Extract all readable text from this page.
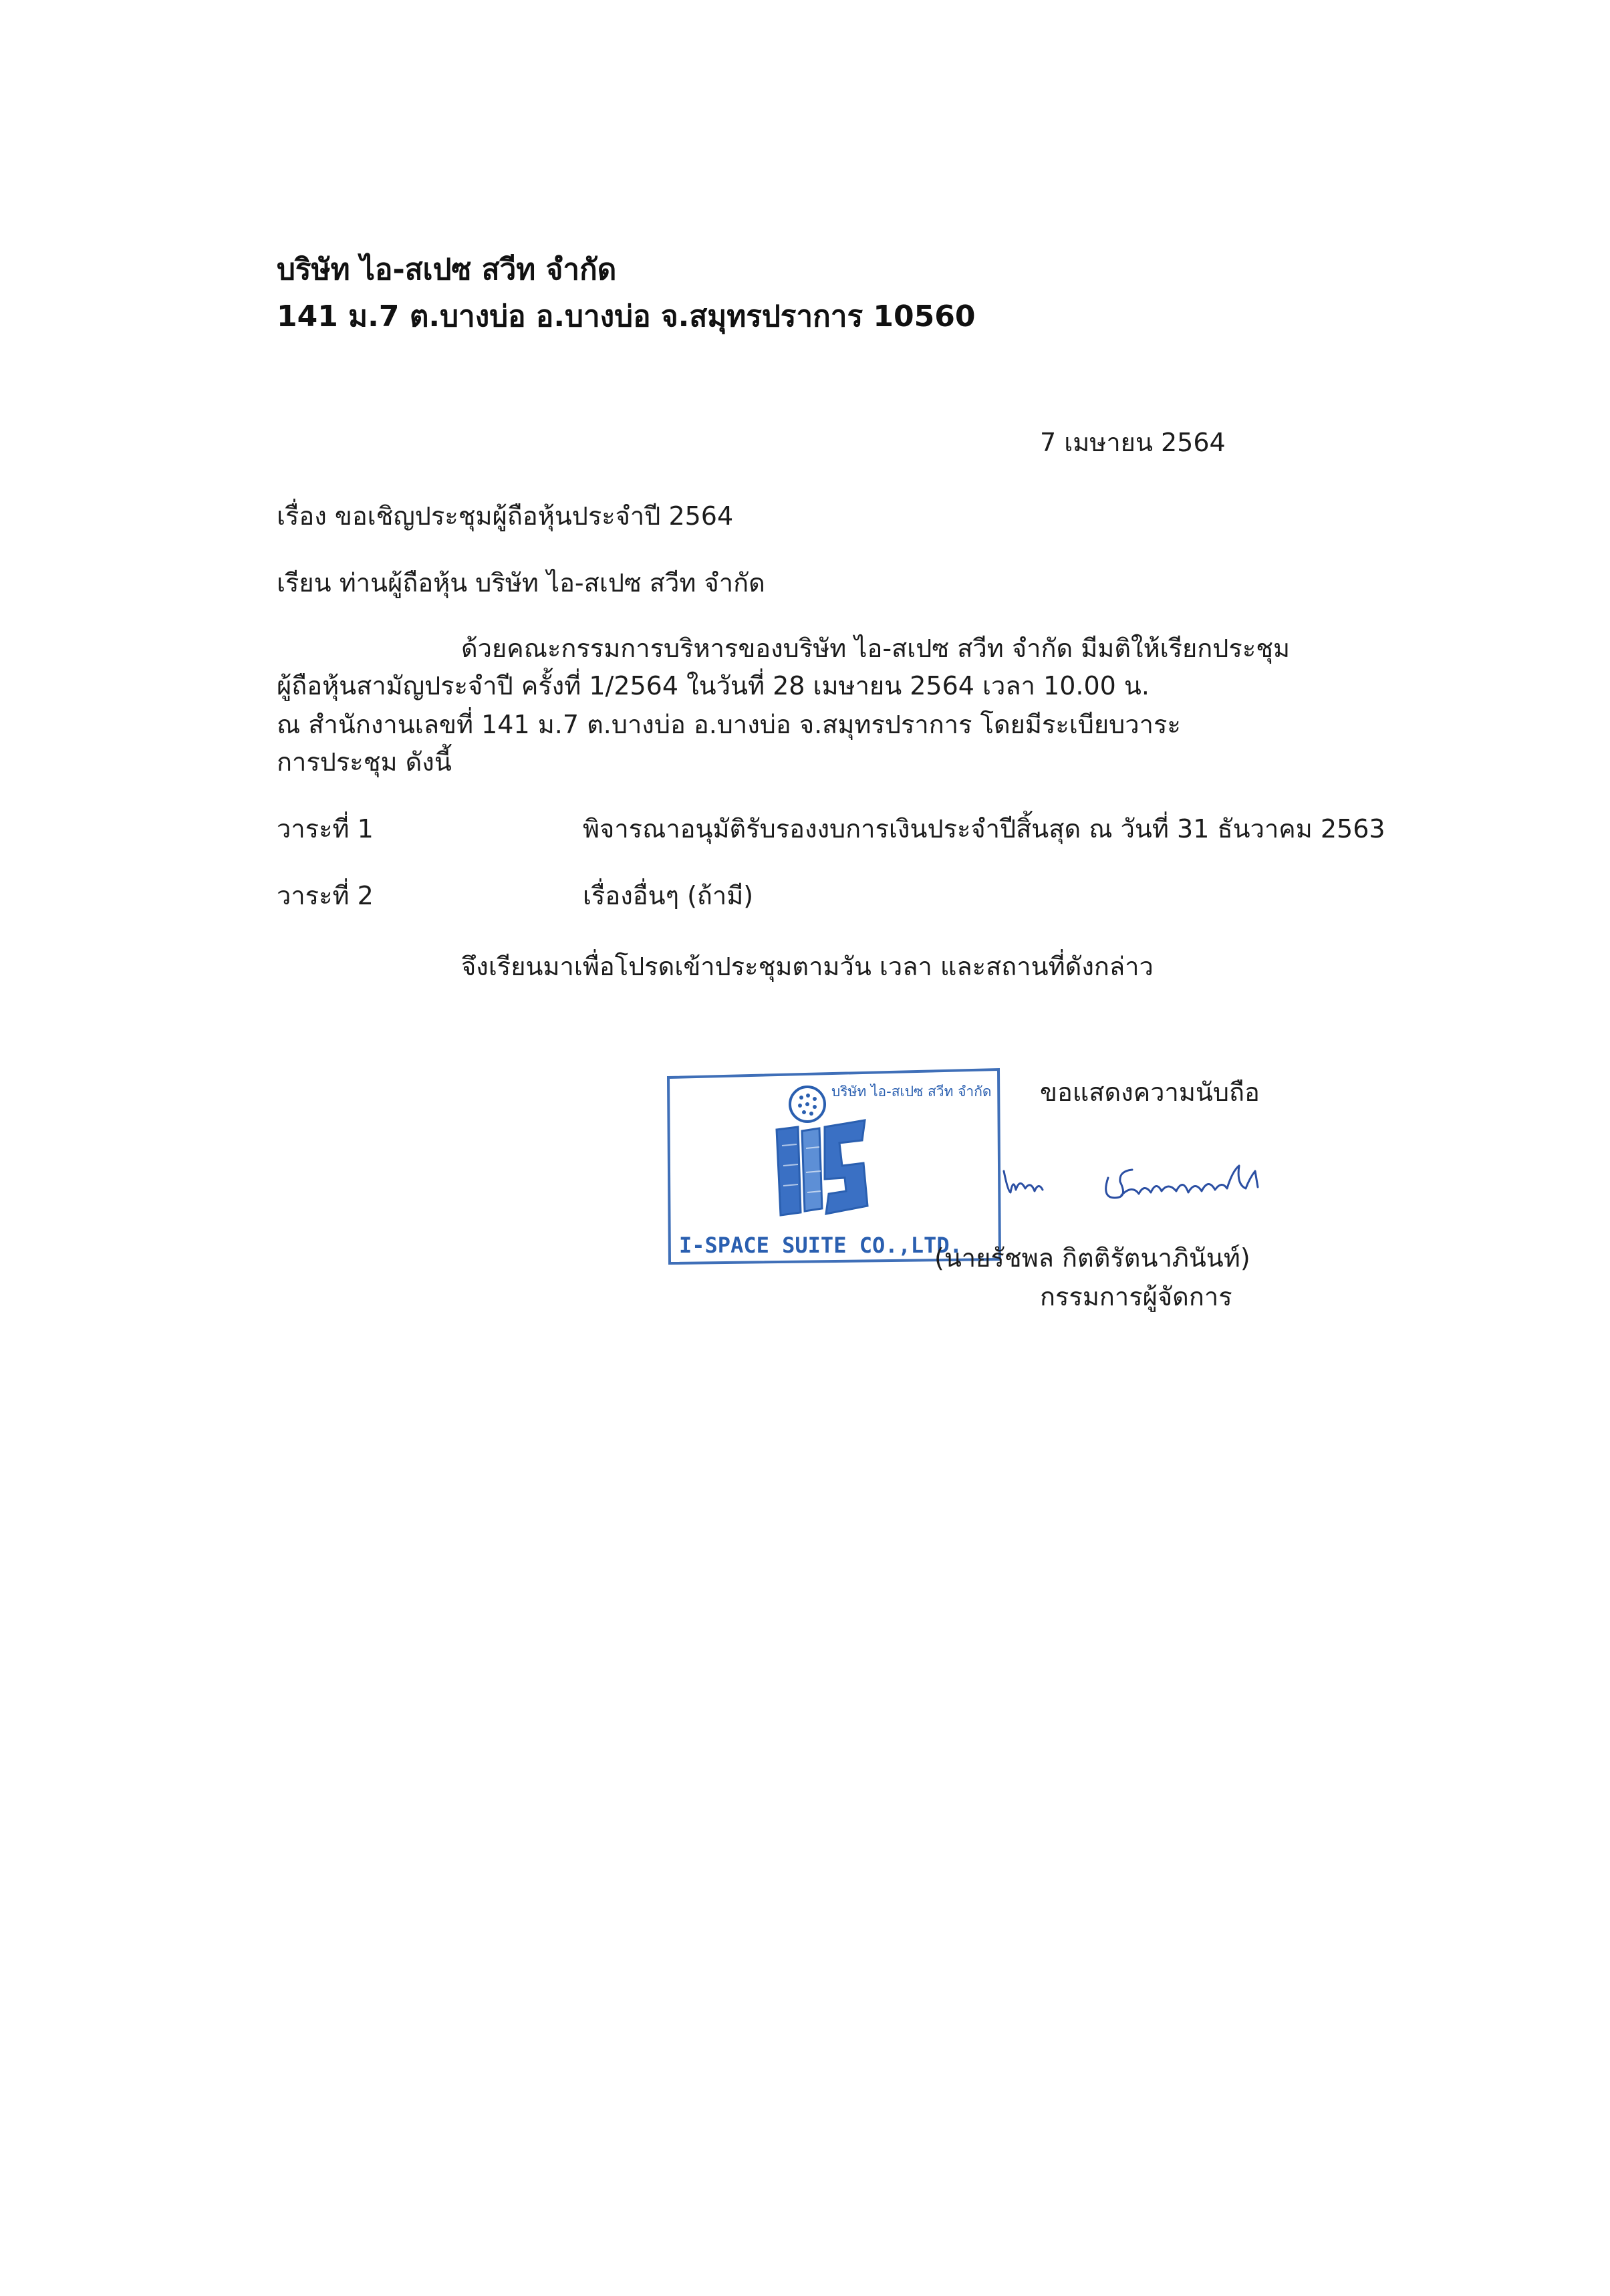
บริษัท ไอ-สเปซ สวีท จำกัด
141 ม.7 ต.บางบ่อ อ.บางบ่อ จ.สมุทรปราการ 10560
7 เมษายน 2564
เรื่อง ขอเชิญประชุมผู้ถือหุ้นประจำปี 2564
เรียน ท่านผู้ถือหุ้น บริษัท ไอ-สเปซ สวีท จำกัด
ด้วยคณะกรรมการบริหารของบริษัท ไอ-สเปซ สวีท จำกัด มีมติให้เรียกประชุม
ผู้ถือหุ้นสามัญประจำปี ครั้งที่ 1/2564 ในวันที่ 28 เมษายน 2564 เวลา 10.00 น.
ณ สำนักงานเลขที่ 141 ม.7 ต.บางบ่อ อ.บางบ่อ จ.สมุทรปราการ โดยมีระเบียบวาระ
การประชุม ดังนี้
วาระที่ 1	พิจารณาอนุมัติรับรองงบการเงินประจำปีสิ้นสุด ณ วันที่ 31 ธันวาคม 2563
วาระที่ 2	เรื่องอื่นๆ (ถ้ามี)
จึงเรียนมาเพื่อโปรดเข้าประชุมตามวัน เวลา และสถานที่ดังกล่าว
ขอแสดงความนับถือ
บริษัท ไอ-สเปซ สวีท จำกัด
I-SPACE SUITE CO.,LTD.
(นายรัชพล กิตติรัตนาภินันท์)
กรรมการผู้จัดการ
